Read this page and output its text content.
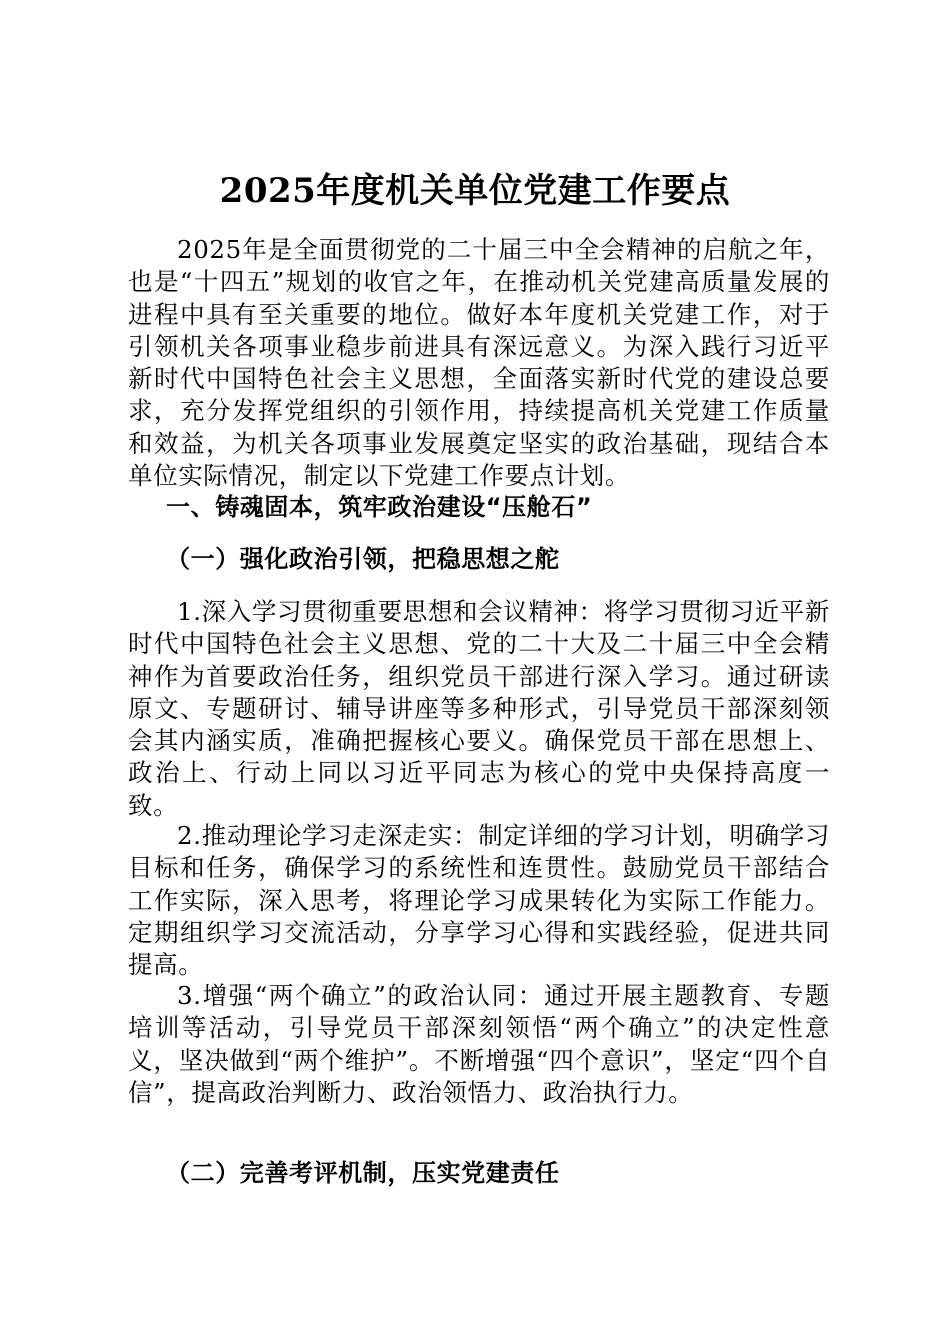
2025年度机关单位党建工作要点
2025年是全面贯彻党的二十届三中全会精神的启航之年，也是“十四五”规划的收官之年，在推动机关党建高质量发展的进程中具有至关重要的地位。做好本年度机关党建工作，对于引领机关各项事业稳步前进具有深远意义。为深入践行习近平新时代中国特色社会主义思想，全面落实新时代党的建设总要求，充分发挥党组织的引领作用，持续提高机关党建工作质量和效益，为机关各项事业发展奠定坚实的政治基础，现结合本单位实际情况，制定以下党建工作要点计划。
一、铸魂固本，筑牢政治建设“压舱石”
（一）强化政治引领，把稳思想之舵
1.深入学习贯彻重要思想和会议精神：将学习贯彻习近平新时代中国特色社会主义思想、党的二十大及二十届三中全会精神作为首要政治任务，组织党员干部进行深入学习。通过研读原文、专题研讨、辅导讲座等多种形式，引导党员干部深刻领会其内涵实质，准确把握核心要义。确保党员干部在思想上、政治上、行动上同以习近平同志为核心的党中央保持高度一致。
2.推动理论学习走深走实：制定详细的学习计划，明确学习目标和任务，确保学习的系统性和连贯性。鼓励党员干部结合工作实际，深入思考，将理论学习成果转化为实际工作能力。定期组织学习交流活动，分享学习心得和实践经验，促进共同提高。
3.增强“两个确立”的政治认同：通过开展主题教育、专题培训等活动，引导党员干部深刻领悟“两个确立”的决定性意义，坚决做到“两个维护”。不断增强“四个意识”，坚定“四个自信”，提高政治判断力、政治领悟力、政治执行力。
（二）完善考评机制，压实党建责任
